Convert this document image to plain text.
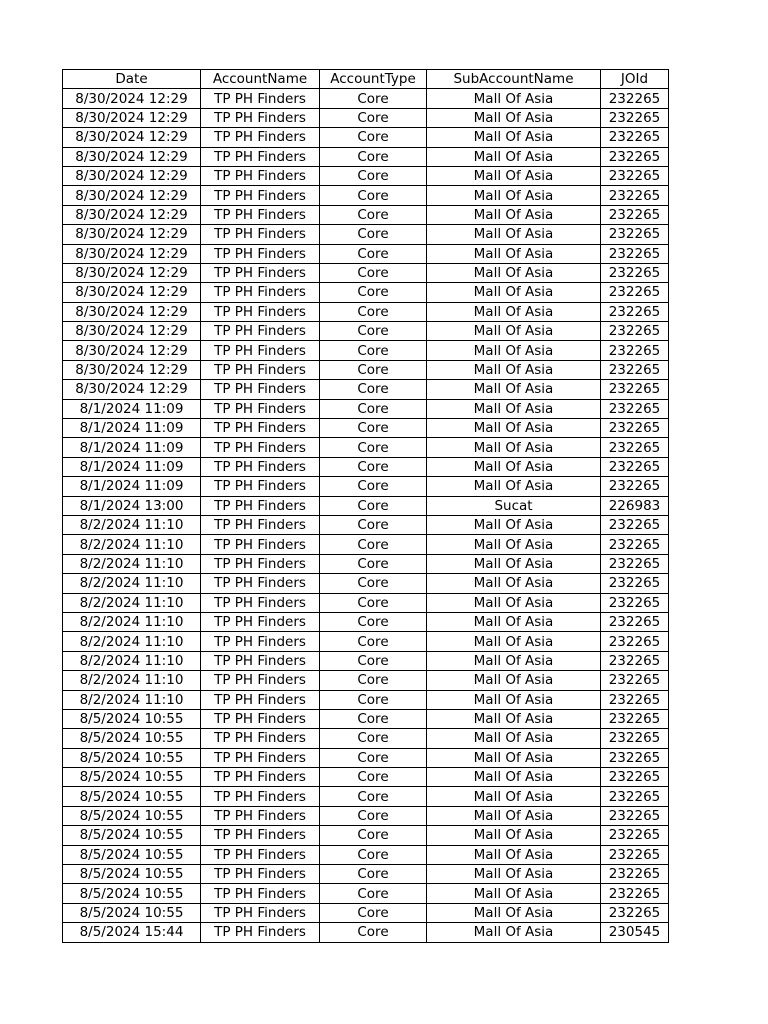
Date	AccountName	AccountType	SubAccountName	JOId
8/30/2024 12:29	TP PH Finders	Core	Mall Of Asia	232265
8/30/2024 12:29	TP PH Finders	Core	Mall Of Asia	232265
8/30/2024 12:29	TP PH Finders	Core	Mall Of Asia	232265
8/30/2024 12:29	TP PH Finders	Core	Mall Of Asia	232265
8/30/2024 12:29	TP PH Finders	Core	Mall Of Asia	232265
8/30/2024 12:29	TP PH Finders	Core	Mall Of Asia	232265
8/30/2024 12:29	TP PH Finders	Core	Mall Of Asia	232265
8/30/2024 12:29	TP PH Finders	Core	Mall Of Asia	232265
8/30/2024 12:29	TP PH Finders	Core	Mall Of Asia	232265
8/30/2024 12:29	TP PH Finders	Core	Mall Of Asia	232265
8/30/2024 12:29	TP PH Finders	Core	Mall Of Asia	232265
8/30/2024 12:29	TP PH Finders	Core	Mall Of Asia	232265
8/30/2024 12:29	TP PH Finders	Core	Mall Of Asia	232265
8/30/2024 12:29	TP PH Finders	Core	Mall Of Asia	232265
8/30/2024 12:29	TP PH Finders	Core	Mall Of Asia	232265
8/30/2024 12:29	TP PH Finders	Core	Mall Of Asia	232265
8/1/2024 11:09	TP PH Finders	Core	Mall Of Asia	232265
8/1/2024 11:09	TP PH Finders	Core	Mall Of Asia	232265
8/1/2024 11:09	TP PH Finders	Core	Mall Of Asia	232265
8/1/2024 11:09	TP PH Finders	Core	Mall Of Asia	232265
8/1/2024 11:09	TP PH Finders	Core	Mall Of Asia	232265
8/1/2024 13:00	TP PH Finders	Core	Sucat	226983
8/2/2024 11:10	TP PH Finders	Core	Mall Of Asia	232265
8/2/2024 11:10	TP PH Finders	Core	Mall Of Asia	232265
8/2/2024 11:10	TP PH Finders	Core	Mall Of Asia	232265
8/2/2024 11:10	TP PH Finders	Core	Mall Of Asia	232265
8/2/2024 11:10	TP PH Finders	Core	Mall Of Asia	232265
8/2/2024 11:10	TP PH Finders	Core	Mall Of Asia	232265
8/2/2024 11:10	TP PH Finders	Core	Mall Of Asia	232265
8/2/2024 11:10	TP PH Finders	Core	Mall Of Asia	232265
8/2/2024 11:10	TP PH Finders	Core	Mall Of Asia	232265
8/2/2024 11:10	TP PH Finders	Core	Mall Of Asia	232265
8/5/2024 10:55	TP PH Finders	Core	Mall Of Asia	232265
8/5/2024 10:55	TP PH Finders	Core	Mall Of Asia	232265
8/5/2024 10:55	TP PH Finders	Core	Mall Of Asia	232265
8/5/2024 10:55	TP PH Finders	Core	Mall Of Asia	232265
8/5/2024 10:55	TP PH Finders	Core	Mall Of Asia	232265
8/5/2024 10:55	TP PH Finders	Core	Mall Of Asia	232265
8/5/2024 10:55	TP PH Finders	Core	Mall Of Asia	232265
8/5/2024 10:55	TP PH Finders	Core	Mall Of Asia	232265
8/5/2024 10:55	TP PH Finders	Core	Mall Of Asia	232265
8/5/2024 10:55	TP PH Finders	Core	Mall Of Asia	232265
8/5/2024 10:55	TP PH Finders	Core	Mall Of Asia	232265
8/5/2024 15:44	TP PH Finders	Core	Mall Of Asia	230545
